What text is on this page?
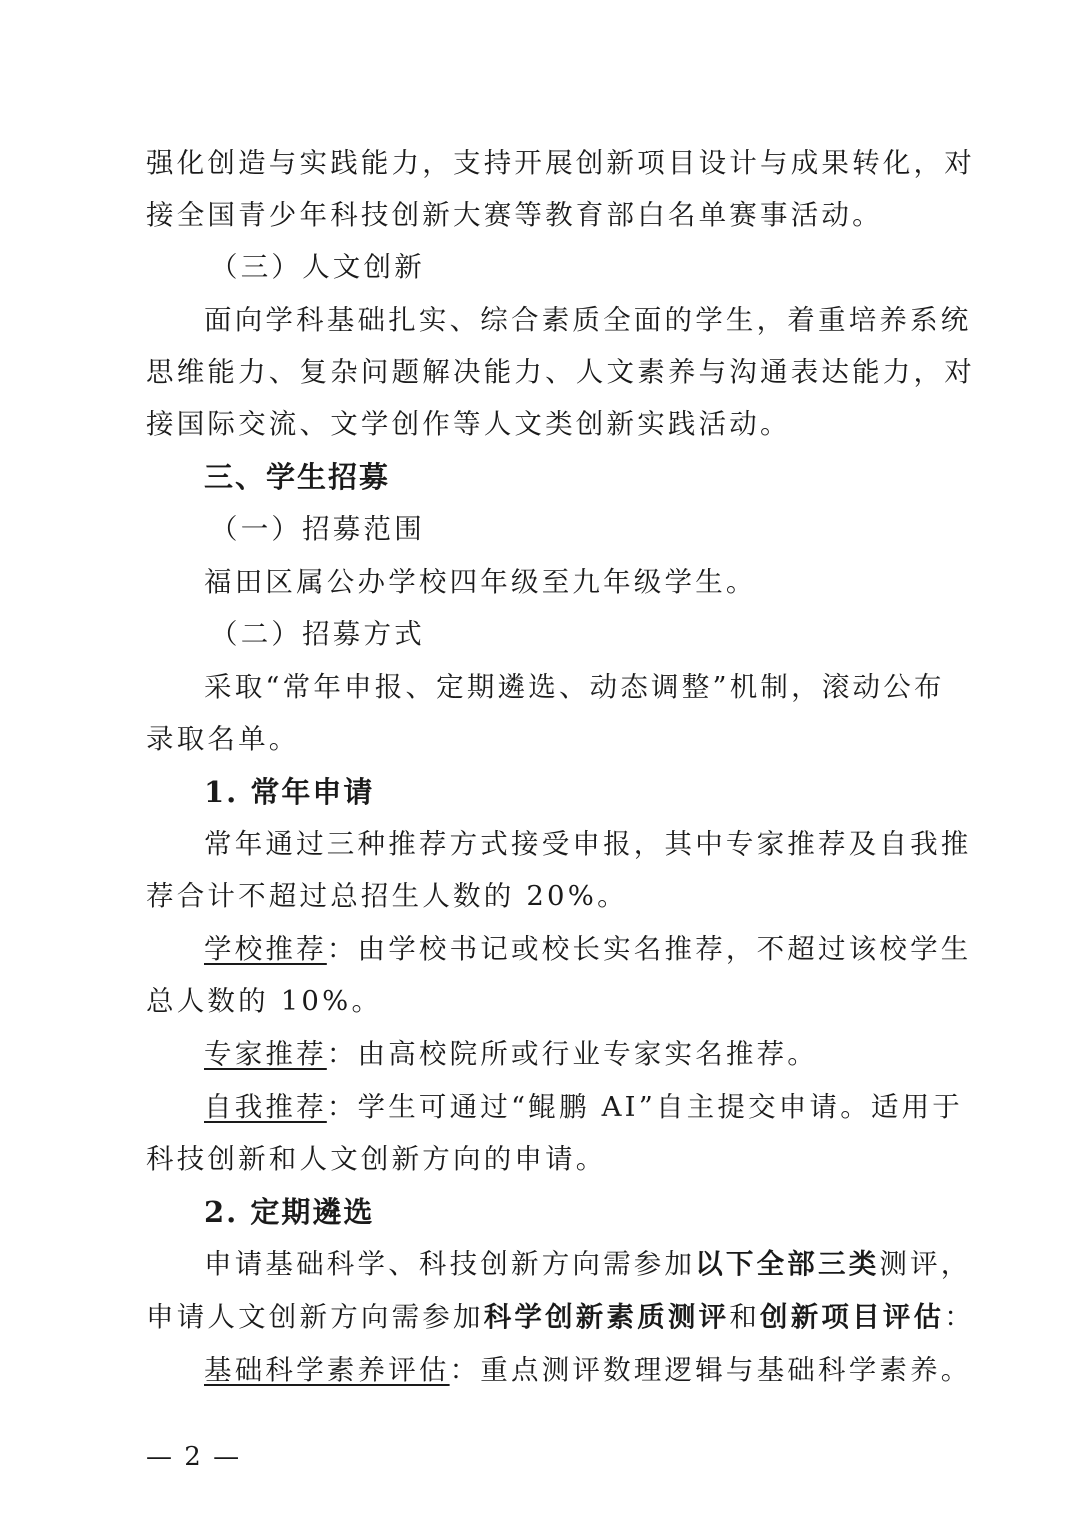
强化创造与实践能力，支持开展创新项目设计与成果转化，对
接全国青少年科技创新大赛等教育部白名单赛事活动。
（三）人文创新
面向学科基础扎实、综合素质全面的学生，着重培养系统
思维能力、复杂问题解决能力、人文素养与沟通表达能力，对
接国际交流、文学创作等人文类创新实践活动。
三、学生招募
（一）招募范围
福田区属公办学校四年级至九年级学生。
（二）招募方式
采取“常年申报、定期遴选、动态调整”机制，滚动公布
录取名单。
1. 常年申请
常年通过三种推荐方式接受申报，其中专家推荐及自我推
荐合计不超过总招生人数的 20%。
学校推荐：由学校书记或校长实名推荐，不超过该校学生
总人数的 10%。
专家推荐：由高校院所或行业专家实名推荐。
自我推荐：学生可通过“鲲鹏 AI”自主提交申请。适用于
科技创新和人文创新方向的申请。
2. 定期遴选
申请基础科学、科技创新方向需参加以下全部三类测评，
申请人文创新方向需参加科学创新素质测评和创新项目评估：
基础科学素养评估：重点测评数理逻辑与基础科学素养。
— 2 —
